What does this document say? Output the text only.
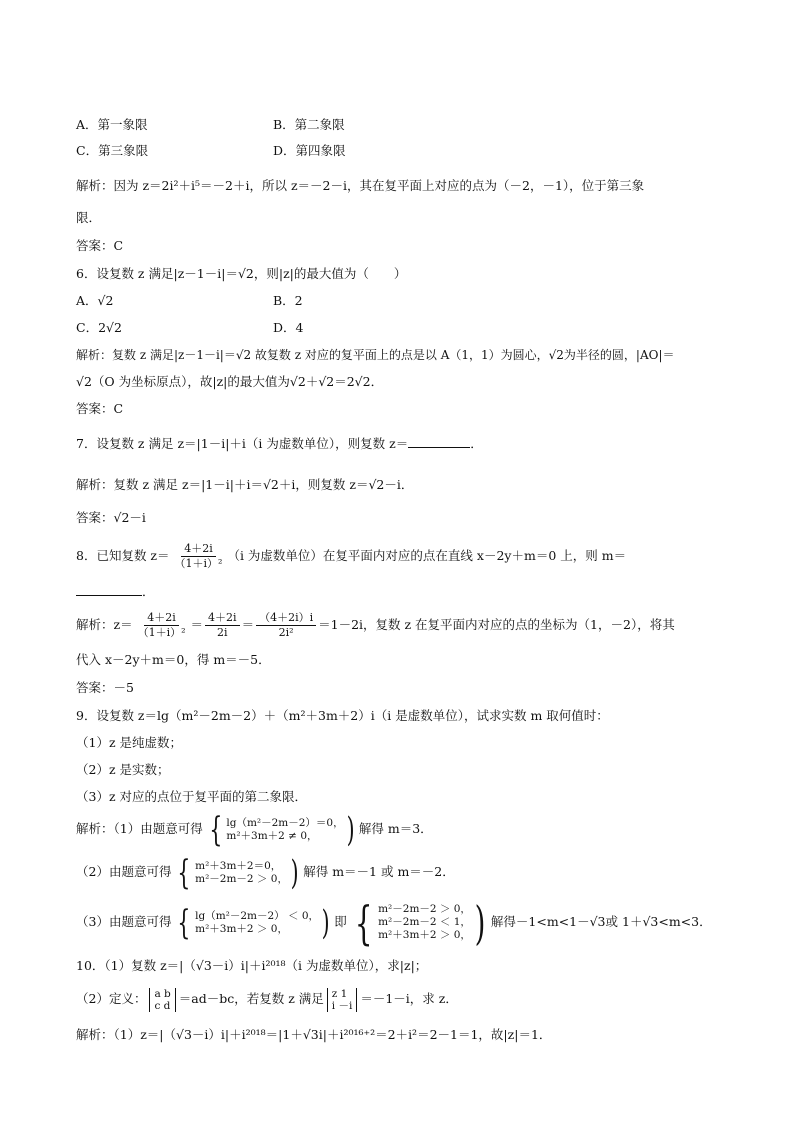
A．第一象限	B．第二象限
C．第三象限	D．第四象限
解析：因为 z＝2i²＋i⁵＝－2＋i，所以 z＝－2－i，其在复平面上对应的点为（－2，－1），位于第三象
限．
答案：C
6．设复数 z 满足|z－1－i|＝√2，则|z|的最大值为（　　）
A．√2	B．2
C．2√2	D．4
解析：复数 z 满足|z－1－i|＝√2 故复数 z 对应的复平面上的点是以 A（1，1）为圆心，√2为半径的圆，|AO|＝
√2（O 为坐标原点），故|z|的最大值为√2＋√2＝2√2．
答案：C
7．设复数 z 满足 z＝|1－i|＋i（i 为虚数单位），则复数 z＝	．
解析：复数 z 满足 z＝|1－i|＋i＝√2＋i，则复数 z＝√2－i．
答案：√2－i
8．已知复数 $z= \frac{4+2i}{\text{（1＋i）²}} (i$ 为虚数单位）在复平面内对应的点在直线 x－2y＋m＝0 上，则 m＝
．
解析：$z= \frac{4+2i}{\text{（1＋i）²}} = \frac{4+2i}{2i} = \frac{(4+2i)i}{\text{2i²}} =1-2i$，复数 z 在复平面内对应的点的坐标为（1，－2），将其
代入 x－2y＋m＝0，得 m＝－5．
答案：－5
9．设复数 z＝lg（m²－2m－2）＋（m²＋3m＋2）i（i 是虚数单位），试求实数 m 取何值时：
（1）z 是纯虚数；
（2）z 是实数；
（3）z 对应的点位于复平面的第二象限．
解析：（1）由题意可得 { lg（m²－2m－2）＝0，
m²＋3m＋2 ≠ 0， ) 解得 m＝3．
（2）由题意可得 { m²＋3m＋2＝0，
m²－2m－2 ＞ 0， ) 解得 m＝－1 或 m＝－2．
（3）由题意可得 { lg（m²－2m－2） ＜ 0，
m²＋3m＋2 ＞ 0， ) 即 { m²－2m－2 ＞ 0，
m²－2m－2 ＜ 1，
m²＋3m＋2 ＞ 0， ) 解得－1<m<1－√3或 1＋√3<m<3．
10．（1）复数 z＝|（√3－i）i|＋i²⁰¹⁸（i 为虚数单位），求|z|；
（2）定义： a b
c d ＝ad－bc，若复数 z 满足 z 1
i －i ＝－1－i，求 z．
解析：（1）z＝|（√3－i）i|＋i²⁰¹⁸＝|1＋√3i|＋i²⁰¹⁶⁺²＝2＋i²＝2－1＝1，故|z|＝1．
